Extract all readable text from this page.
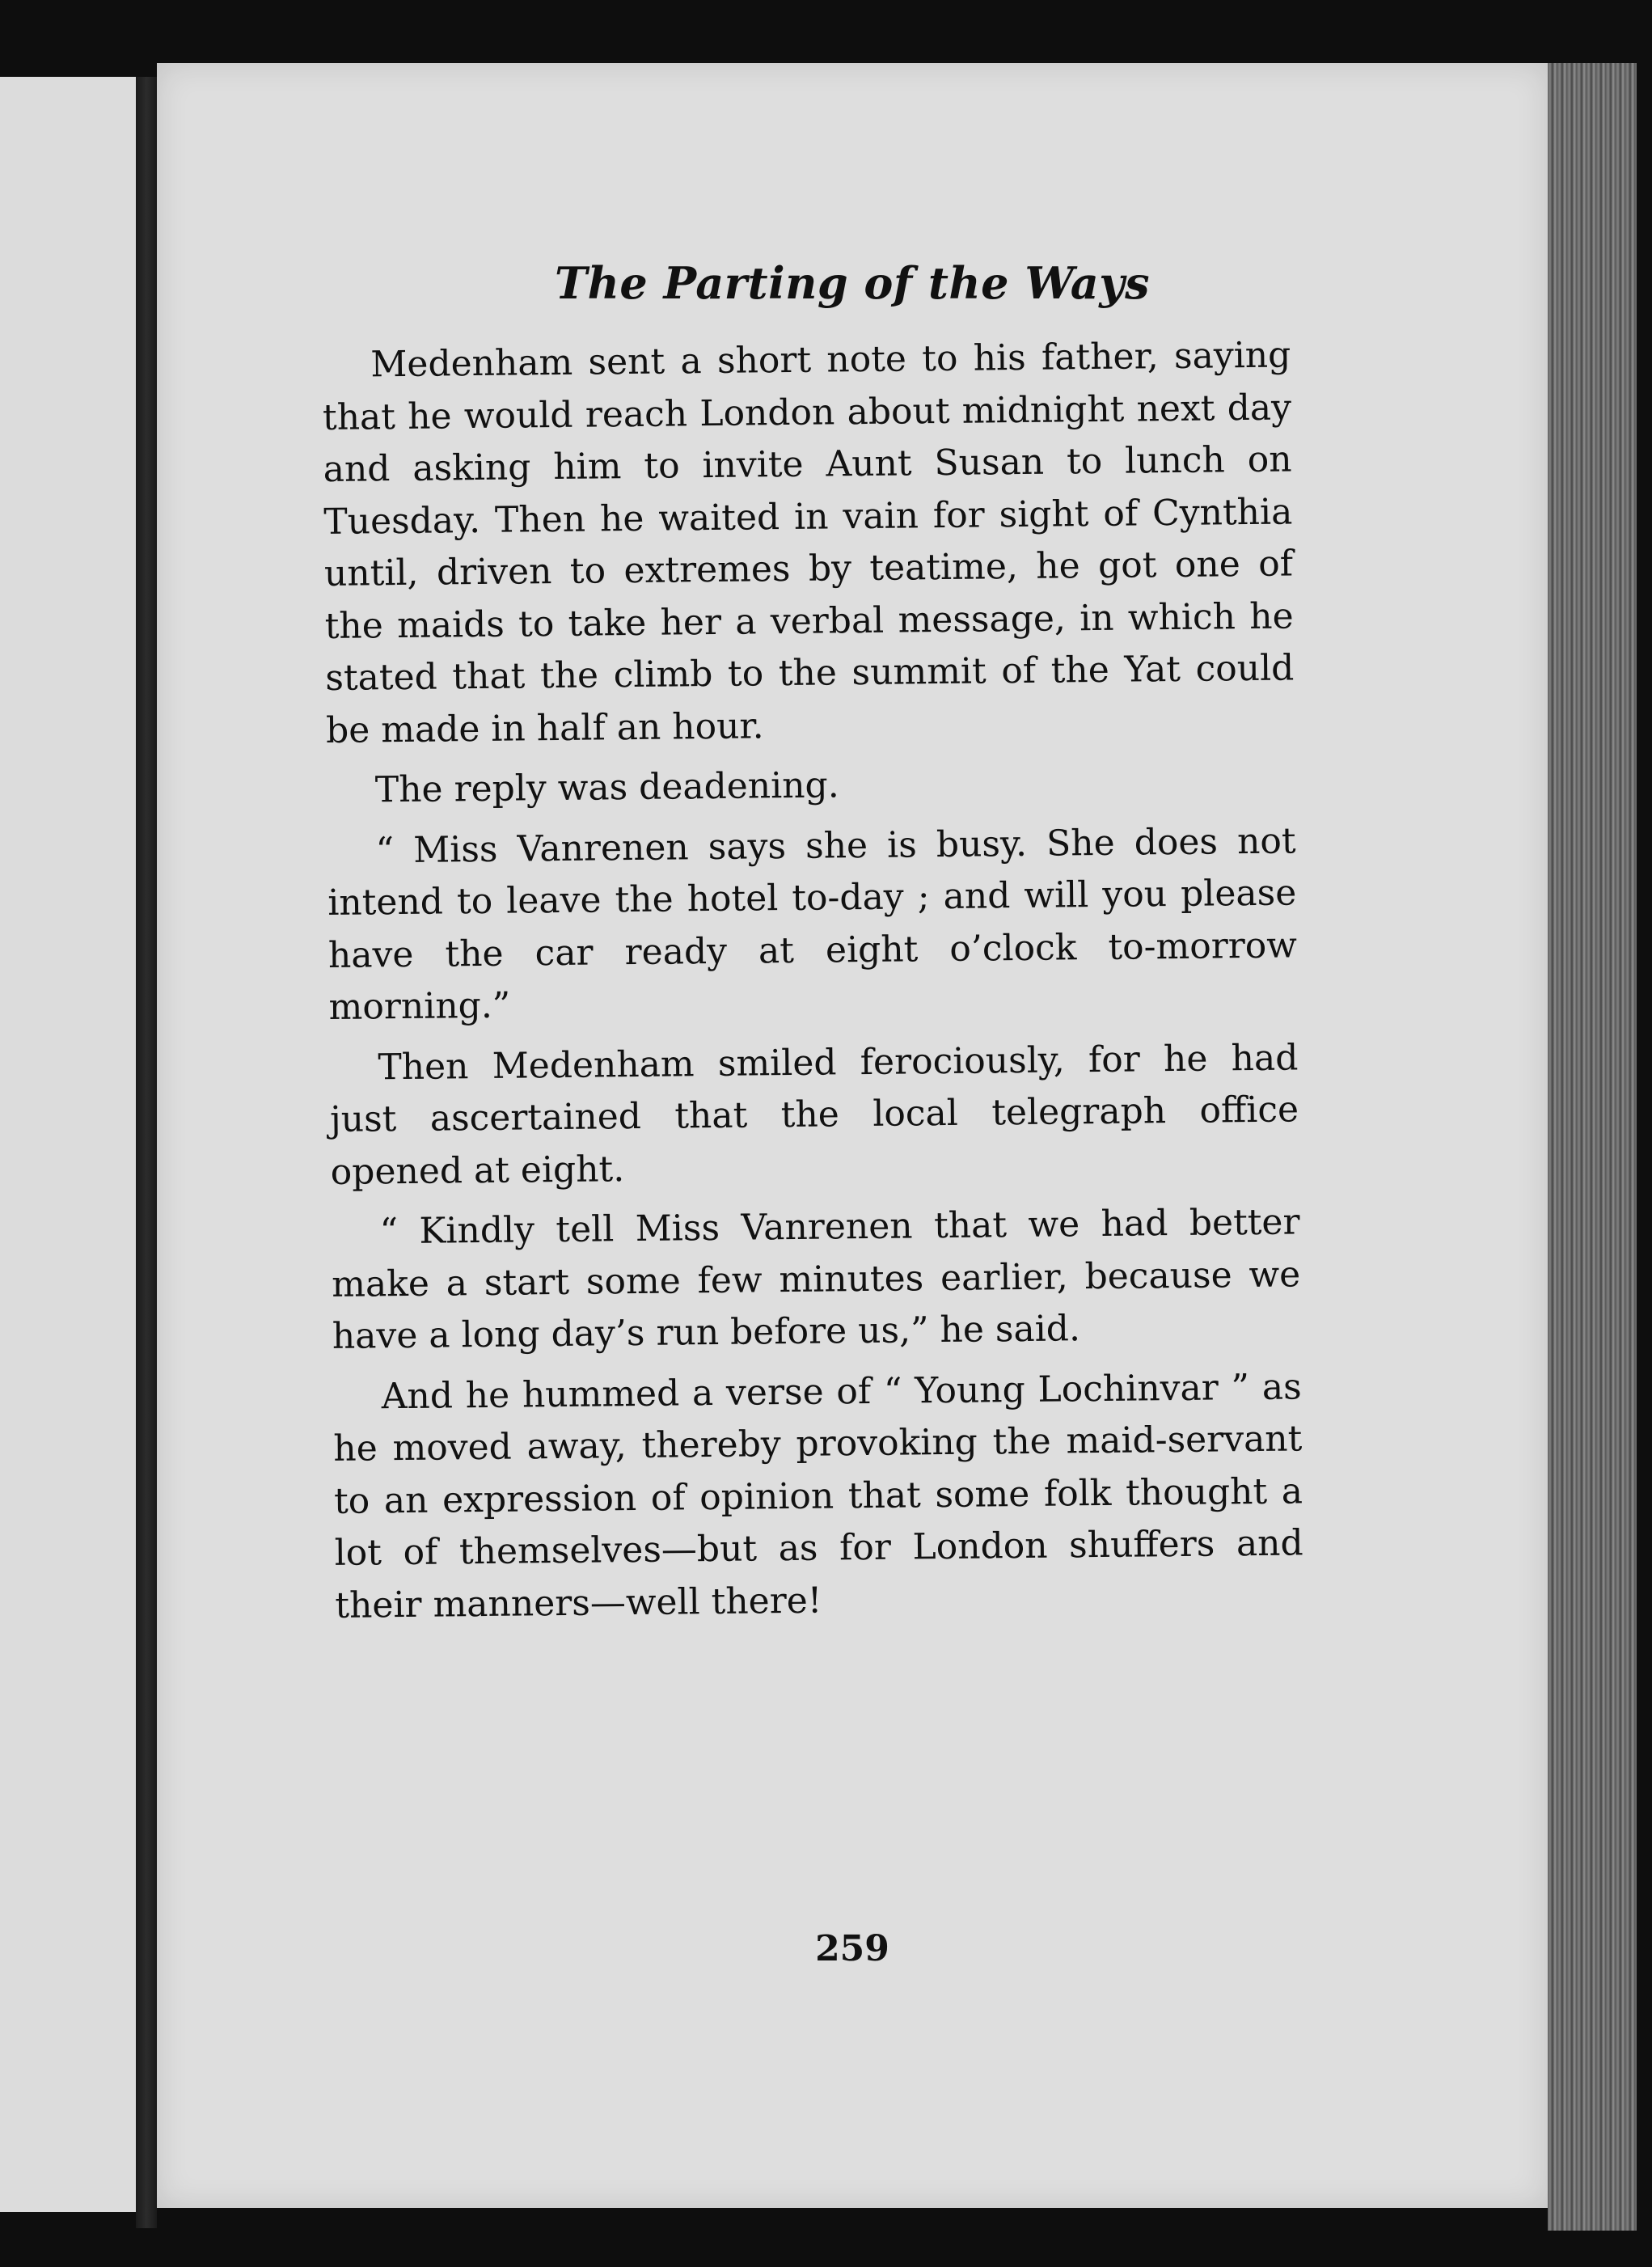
The Parting of the Ways

Medenham sent a short note to his father, saying that he would reach London about midnight next day and asking him to invite Aunt Susan to lunch on Tuesday. Then he waited in vain for sight of Cynthia until, driven to extremes by teatime, he got one of the maids to take her a verbal message, in which he stated that the climb to the summit of the Yat could be made in half an hour.

The reply was deadening.

“ Miss Vanrenen says she is busy. She does not intend to leave the hotel to-day ; and will you please have the car ready at eight o’clock to-morrow morning.”

Then Medenham smiled ferociously, for he had just ascertained that the local telegraph office opened at eight.

“ Kindly tell Miss Vanrenen that we had better make a start some few minutes earlier, because we have a long day’s run before us,” he said.

And he hummed a verse of “ Young Lochinvar ” as he moved away, thereby provoking the maid-servant to an expression of opinion that some folk thought a lot of themselves—but as for London shuffers and their manners—well there!

259
